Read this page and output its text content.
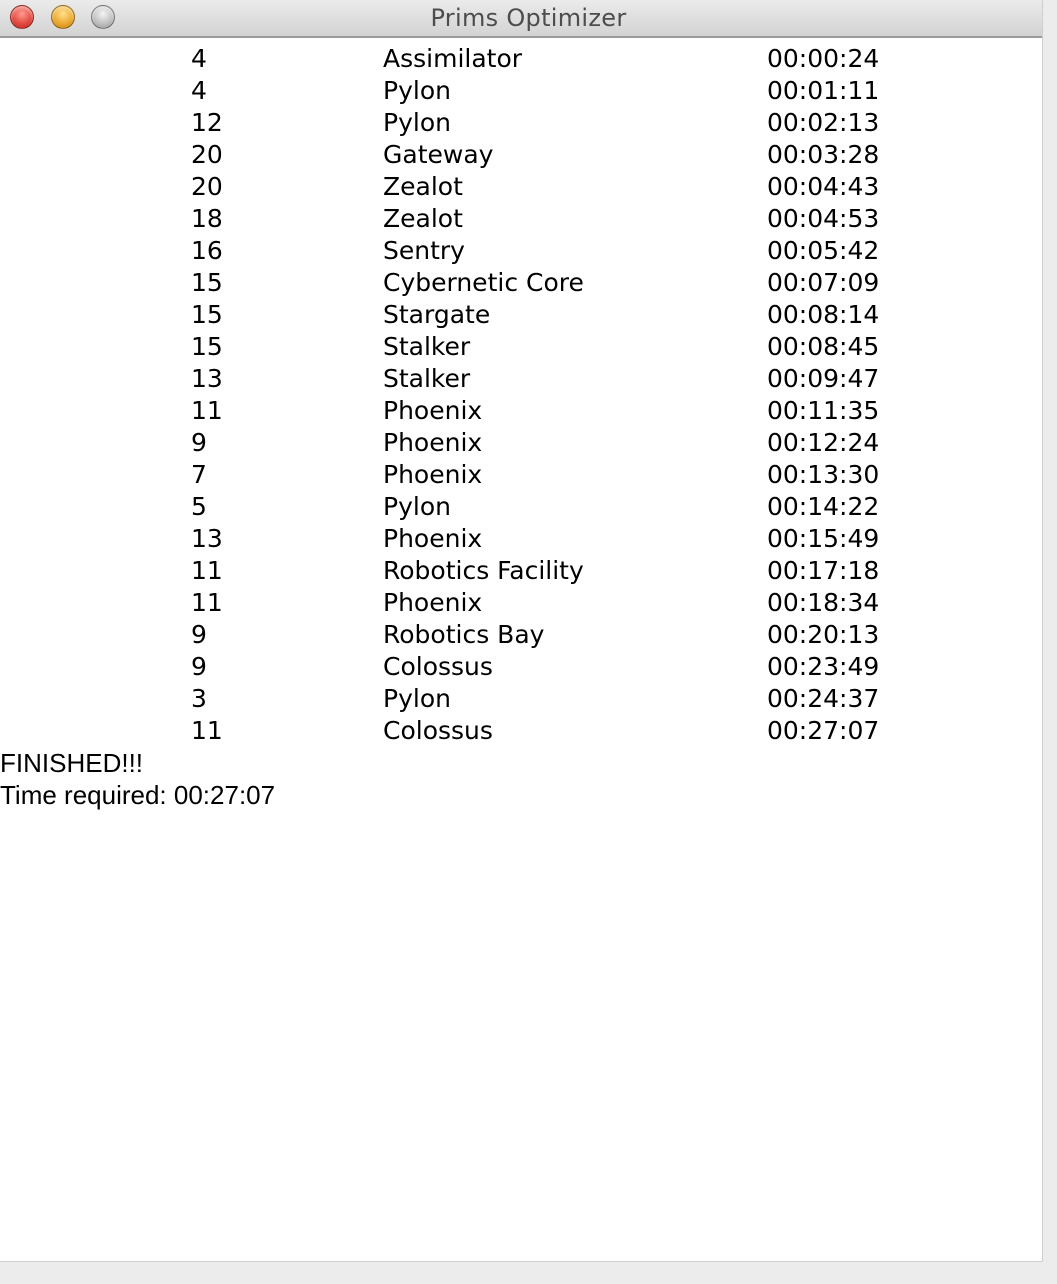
Prims Optimizer
4	Assimilator	00:00:24
4	Pylon	00:01:11
12	Pylon	00:02:13
20	Gateway	00:03:28
20	Zealot	00:04:43
18	Zealot	00:04:53
16	Sentry	00:05:42
15	Cybernetic Core	00:07:09
15	Stargate	00:08:14
15	Stalker	00:08:45
13	Stalker	00:09:47
11	Phoenix	00:11:35
9	Phoenix	00:12:24
7	Phoenix	00:13:30
5	Pylon	00:14:22
13	Phoenix	00:15:49
11	Robotics Facility	00:17:18
11	Phoenix	00:18:34
9	Robotics Bay	00:20:13
9	Colossus	00:23:49
3	Pylon	00:24:37
11	Colossus	00:27:07
FINISHED!!!
Time required: 00:27:07
